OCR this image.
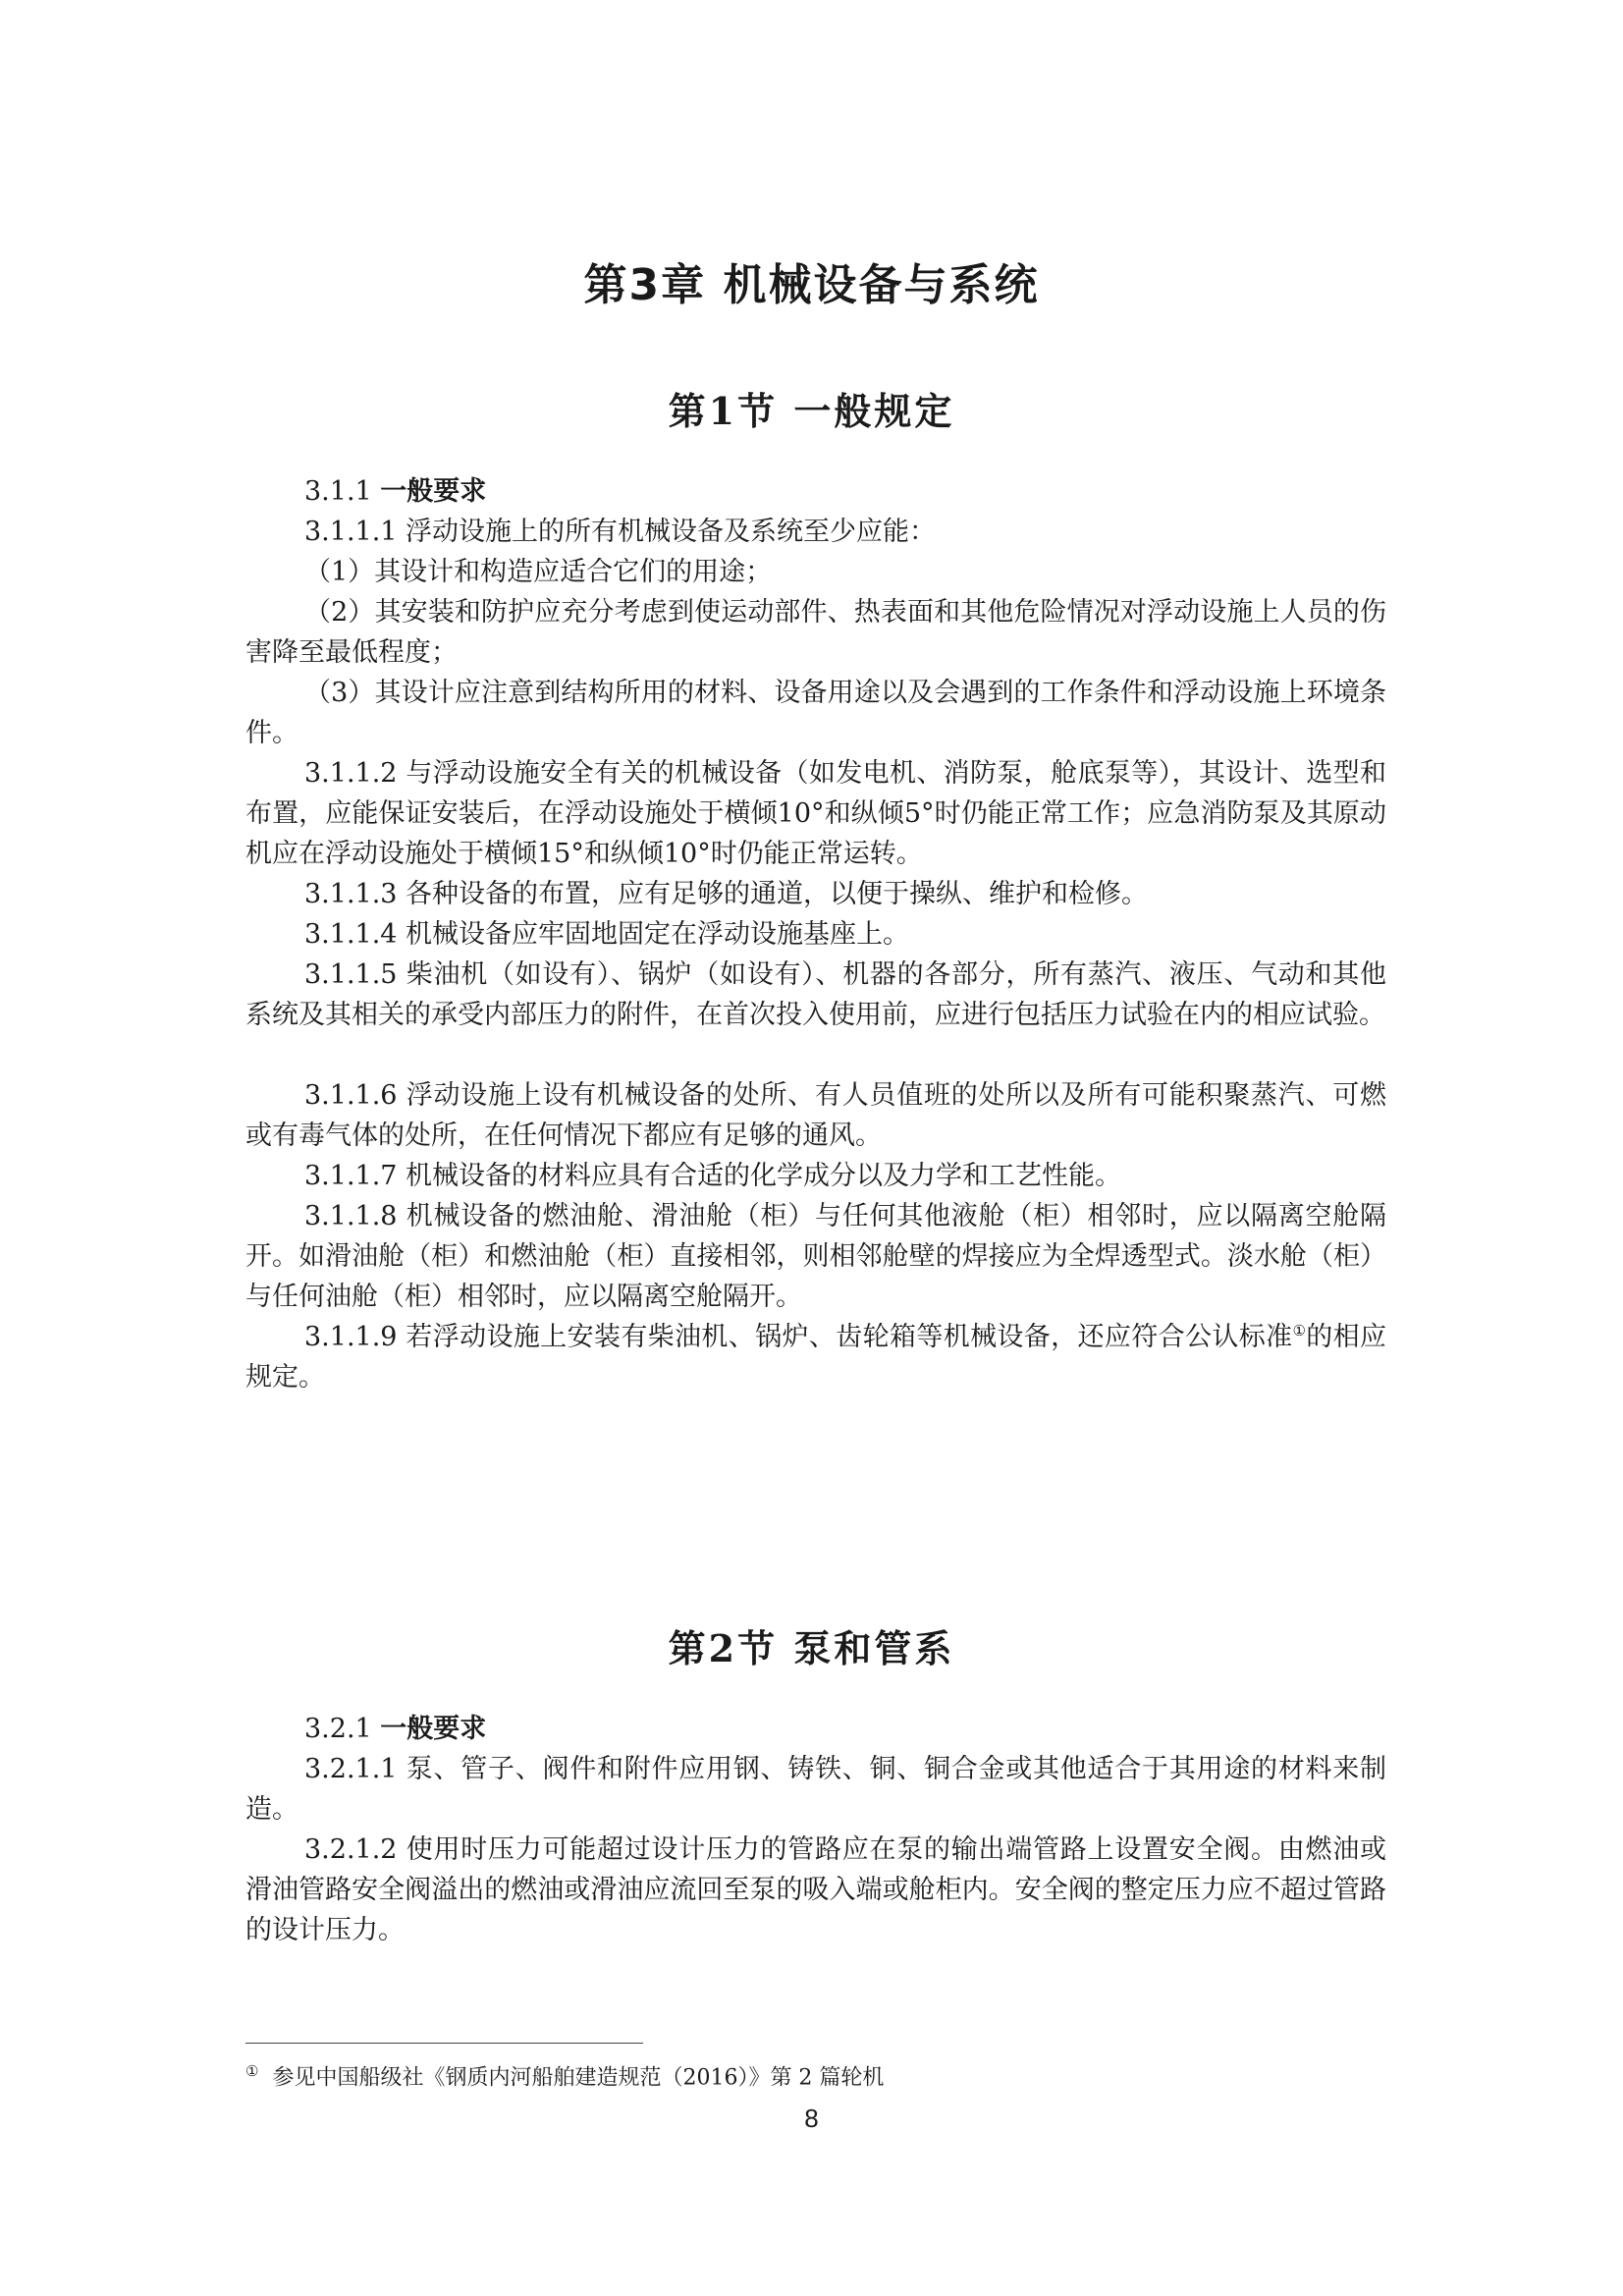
第3章 机械设备与系统
第1节 一般规定
3.1.1 一般要求

3.1.1.1 浮动设施上的所有机械设备及系统至少应能：

（1）其设计和构造应适合它们的用途；

（2）其安装和防护应充分考虑到使运动部件、热表面和其他危险情况对浮动设施上人员的伤害降至最低程度；

（3）其设计应注意到结构所用的材料、设备用途以及会遇到的工作条件和浮动设施上环境条件。

3.1.1.2 与浮动设施安全有关的机械设备（如发电机、消防泵，舱底泵等），其设计、选型和布置，应能保证安装后，在浮动设施处于横倾10°和纵倾5°时仍能正常工作；应急消防泵及其原动机应在浮动设施处于横倾15°和纵倾10°时仍能正常运转。

3.1.1.3 各种设备的布置，应有足够的通道，以便于操纵、维护和检修。

3.1.1.4 机械设备应牢固地固定在浮动设施基座上。

3.1.1.5 柴油机（如设有）、锅炉（如设有）、机器的各部分，所有蒸汽、液压、气动和其他系统及其相关的承受内部压力的附件，在首次投入使用前，应进行包括压力试验在内的相应试验。

3.1.1.6 浮动设施上设有机械设备的处所、有人员值班的处所以及所有可能积聚蒸汽、可燃或有毒气体的处所，在任何情况下都应有足够的通风。

3.1.1.7 机械设备的材料应具有合适的化学成分以及力学和工艺性能。

3.1.1.8 机械设备的燃油舱、滑油舱（柜）与任何其他液舱（柜）相邻时，应以隔离空舱隔开。如滑油舱（柜）和燃油舱（柜）直接相邻，则相邻舱壁的焊接应为全焊透型式。淡水舱（柜）与任何油舱（柜）相邻时，应以隔离空舱隔开。

3.1.1.9 若浮动设施上安装有柴油机、锅炉、齿轮箱等机械设备，还应符合公认标准①的相应规定。

第2节 泵和管系
3.2.1 一般要求

3.2.1.1 泵、管子、阀件和附件应用钢、铸铁、铜、铜合金或其他适合于其用途的材料来制造。

3.2.1.2 使用时压力可能超过设计压力的管路应在泵的输出端管路上设置安全阀。由燃油或滑油管路安全阀溢出的燃油或滑油应流回至泵的吸入端或舱柜内。安全阀的整定压力应不超过管路的设计压力。

① 参见中国船级社《钢质内河船舶建造规范（2016）》第 2 篇轮机
8
